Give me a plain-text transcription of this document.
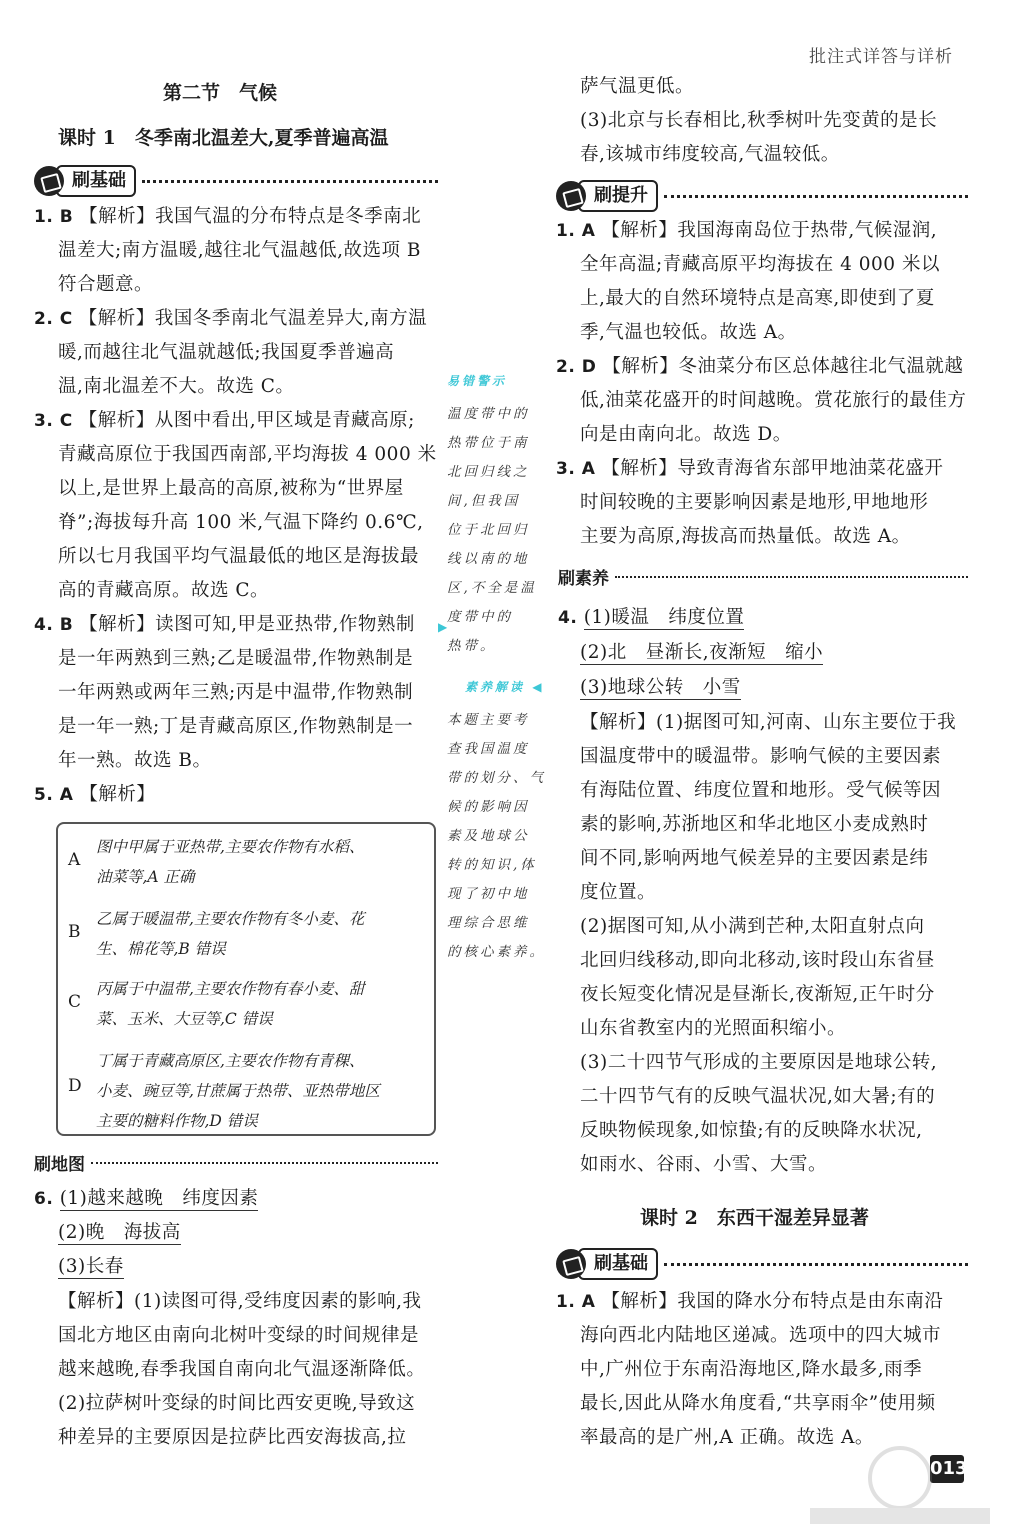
批注式详答与详析
第二节　气候
课时 1　冬季南北温差大,夏季普遍高温
刷基础
1. B 【解析】我国气温的分布特点是冬季南北
温差大;南方温暖,越往北气温越低,故选项 B
符合题意。
2. C 【解析】我国冬季南北气温差异大,南方温
暖,而越往北气温就越低;我国夏季普遍高
温,南北温差不大。故选 C。
3. C 【解析】从图中看出,甲区域是青藏高原;
青藏高原位于我国西南部,平均海拔 4 000 米
以上,是世界上最高的高原,被称为“世界屋
脊”;海拔每升高 100 米,气温下降约 0.6℃,
所以七月我国平均气温最低的地区是海拔最
高的青藏高原。故选 C。
4. B 【解析】读图可知,甲是亚热带,作物熟制
是一年两熟到三熟;乙是暖温带,作物熟制是
一年两熟或两年三熟;丙是中温带,作物熟制
是一年一熟;丁是青藏高原区,作物熟制是一
年一熟。故选 B。
5. A 【解析】
易错警示
温度带中的
热带位于南
北回归线之
间,但我国
位于北回归
线以南的地
区,不全是温
度带中的
热带。
▶
素养解读 ◀
本题主要考
查我国温度
带的划分、气
候的影响因
素及地球公
转的知识,体
现了初中地
理综合思维
的核心素养。
A
图中甲属于亚热带,主要农作物有水稻、
油菜等,A 正确
B
乙属于暖温带,主要农作物有冬小麦、花
生、棉花等,B 错误
C
丙属于中温带,主要农作物有春小麦、甜
菜、玉米、大豆等,C 错误
D
丁属于青藏高原区,主要农作物有青稞、
小麦、豌豆等,甘蔗属于热带、亚热带地区
主要的糖料作物,D 错误
刷地图
6. (1)越来越晚　纬度因素
(2)晚　海拔高
(3)长春
【解析】(1)读图可得,受纬度因素的影响,我
国北方地区由南向北树叶变绿的时间规律是
越来越晚,春季我国自南向北气温逐渐降低。
(2)拉萨树叶变绿的时间比西安更晚,导致这
种差异的主要原因是拉萨比西安海拔高,拉
萨气温更低。
(3)北京与长春相比,秋季树叶先变黄的是长
春,该城市纬度较高,气温较低。
刷提升
1. A 【解析】我国海南岛位于热带,气候湿润,
全年高温;青藏高原平均海拔在 4 000 米以
上,最大的自然环境特点是高寒,即使到了夏
季,气温也较低。故选 A。
2. D 【解析】冬油菜分布区总体越往北气温就越
低,油菜花盛开的时间越晚。赏花旅行的最佳方
向是由南向北。故选 D。
3. A 【解析】导致青海省东部甲地油菜花盛开
时间较晚的主要影响因素是地形,甲地地形
主要为高原,海拔高而热量低。故选 A。
刷素养
4. (1)暖温　纬度位置
(2)北　昼渐长,夜渐短　缩小
(3)地球公转　小雪
【解析】(1)据图可知,河南、山东主要位于我
国温度带中的暖温带。影响气候的主要因素
有海陆位置、纬度位置和地形。受气候等因
素的影响,苏浙地区和华北地区小麦成熟时
间不同,影响两地气候差异的主要因素是纬
度位置。
(2)据图可知,从小满到芒种,太阳直射点向
北回归线移动,即向北移动,该时段山东省昼
夜长短变化情况是昼渐长,夜渐短,正午时分
山东省教室内的光照面积缩小。
(3)二十四节气形成的主要原因是地球公转,
二十四节气有的反映气温状况,如大暑;有的
反映物候现象,如惊蛰;有的反映降水状况,
如雨水、谷雨、小雪、大雪。
课时 2　东西干湿差异显著
刷基础
1. A 【解析】我国的降水分布特点是由东南沿
海向西北内陆地区递减。选项中的四大城市
中,广州位于东南沿海地区,降水最多,雨季
最长,因此从降水角度看,“共享雨伞”使用频
率最高的是广州,A 正确。故选 A。
013
